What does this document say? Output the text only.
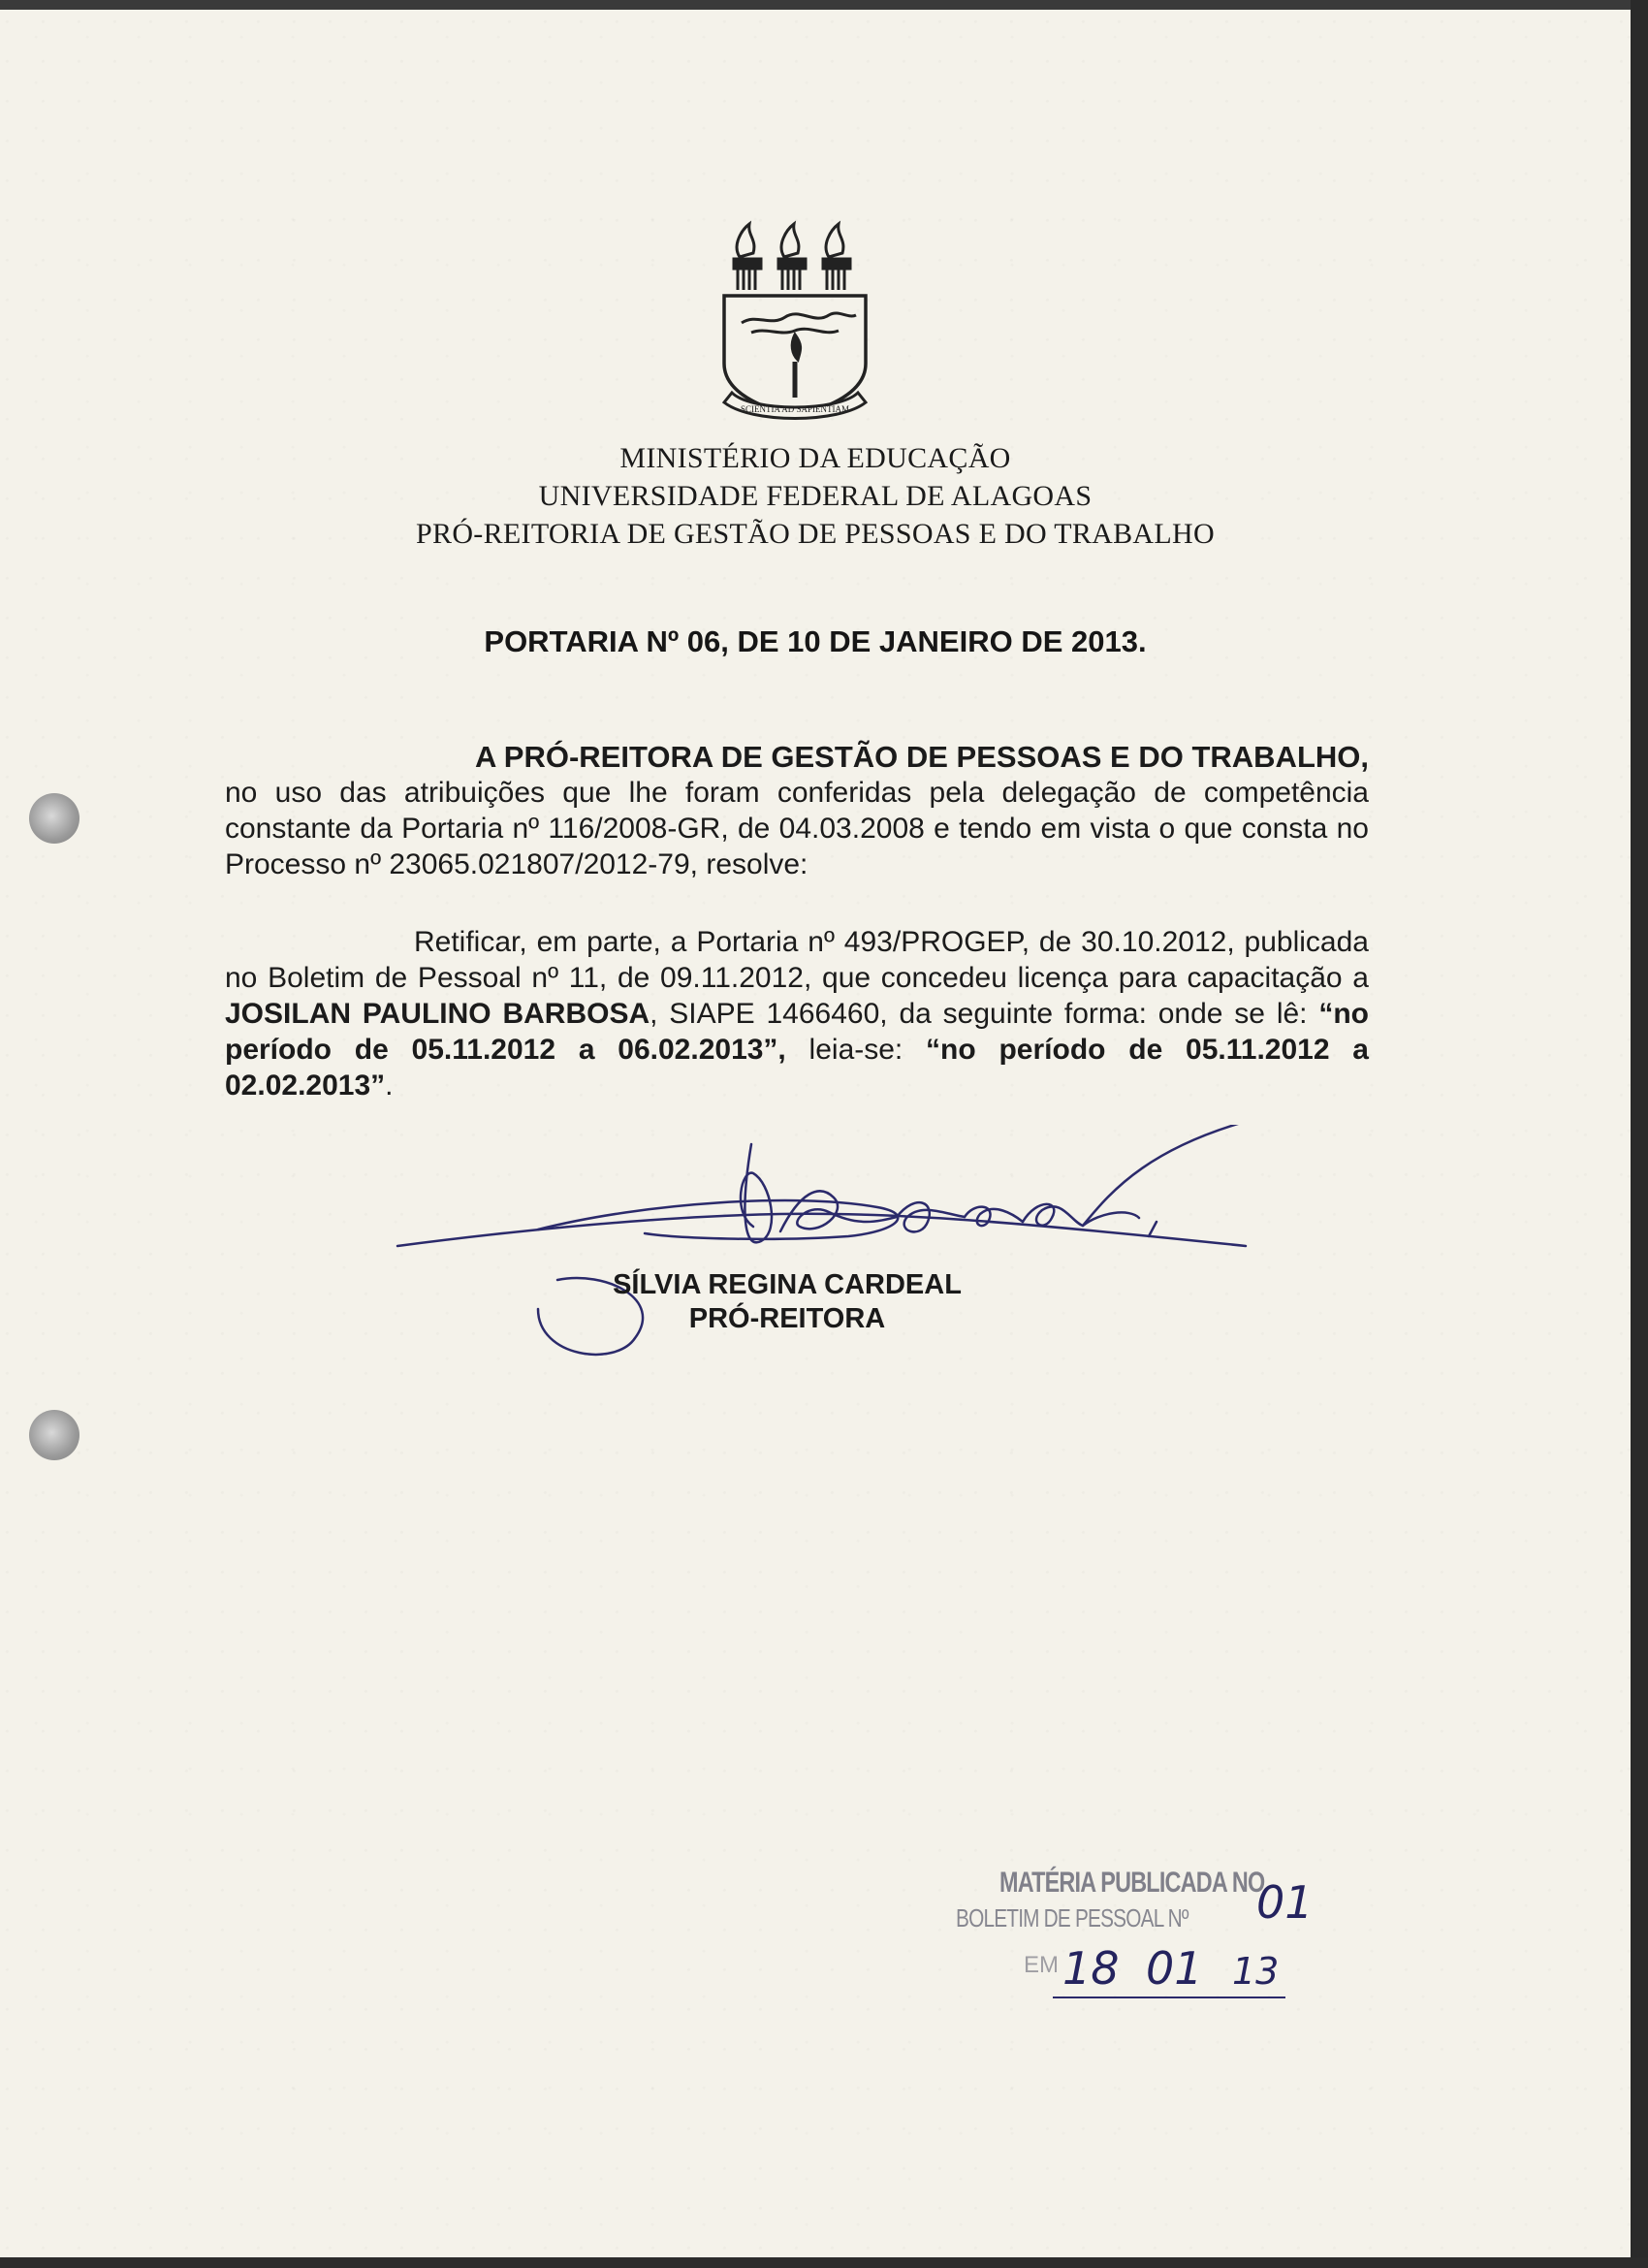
SCIENTIA AD SAPIENTIAM
MINISTÉRIO DA EDUCAÇÃO
UNIVERSIDADE FEDERAL DE ALAGOAS
PRÓ-REITORIA DE GESTÃO DE PESSOAS E DO TRABALHO
PORTARIA Nº 06, DE 10 DE JANEIRO DE 2013.

A PRÓ-REITORA DE GESTÃO DE PESSOAS E DO TRABALHO,

no uso das atribuições que lhe foram conferidas pela delegação de competência constante da Portaria nº 116/2008-GR, de 04.03.2008 e tendo em vista o que consta no Processo nº 23065.021807/2012-79, resolve:

Retificar, em parte, a Portaria nº 493/PROGEP, de 30.10.2012, publicada no Boletim de Pessoal nº 11, de 09.11.2012, que concedeu licença para capacitação a JOSILAN PAULINO BARBOSA, SIAPE 1466460, da seguinte forma: onde se lê: “no período de 05.11.2012 a 06.02.2013”, leia-se: “no período de 05.11.2012 a 02.02.2013”.

SÍLVIA REGINA CARDEAL
PRÓ-REITORA
MATÉRIA PUBLICADA NO
BOLETIM DE PESSOAL Nº
EM
01
18 01 13
